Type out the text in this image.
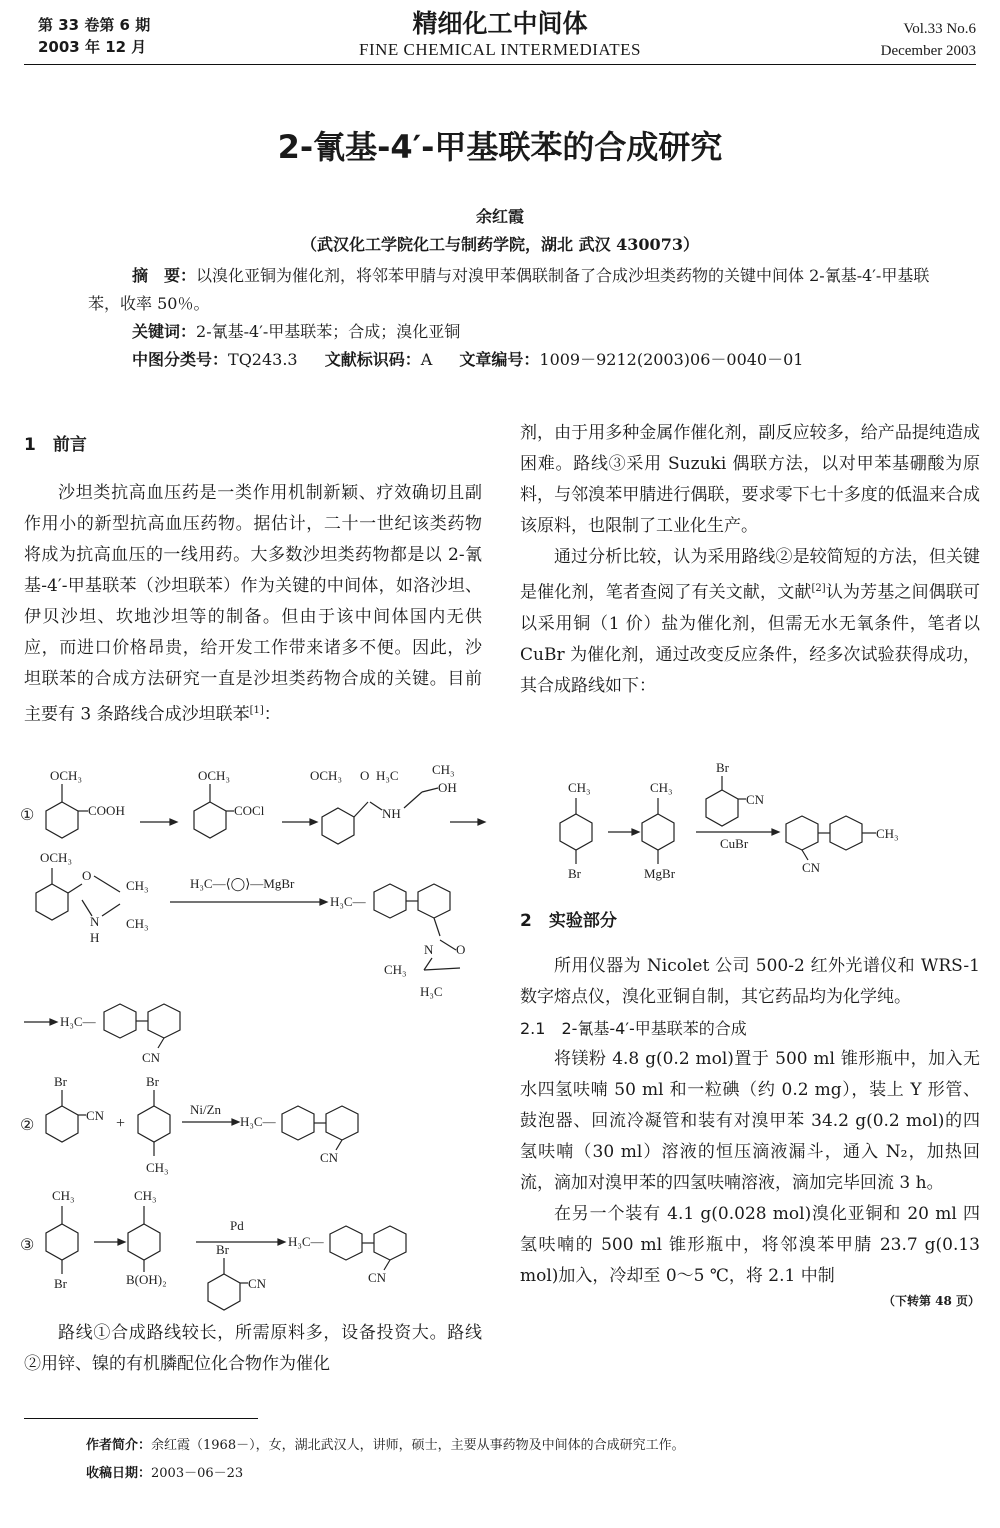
第 33 卷第 6 期
2003 年 12 月
精细化工中间体
FINE CHEMICAL INTERMEDIATES
Vol.33 No.6
December 2003
2-氰基-4′-甲基联苯的合成研究
余红霞
（武汉化工学院化工与制药学院，湖北 武汉 430073）
摘　要：以溴化亚铜为催化剂，将邻苯甲腈与对溴甲苯偶联制备了合成沙坦类药物的关键中间体 2-氰基-4′-甲基联苯，收率 50％。
关键词：2-氰基-4′-甲基联苯；合成；溴化亚铜
中图分类号：TQ243.3 文献标识码：A 文章编号：1009－9212(2003)06－0040－01
1　前言

沙坦类抗高血压药是一类作用机制新颖、疗效确切且副作用小的新型抗高血压药物。据估计，二十一世纪该类药物将成为抗高血压的一线用药。大多数沙坦类药物都是以 2-氰基-4′-甲基联苯（沙坦联苯）作为关键的中间体，如洛沙坦、伊贝沙坦、坎地沙坦等的制备。但由于该中间体国内无供应，而进口价格昂贵，给开发工作带来诸多不便。因此，沙坦联苯的合成方法研究一直是沙坦类药物合成的关键。目前主要有 3 条路线合成沙坦联苯[1]：

①
OCH₃
COOH
OCH₃
COCl
OCH₃ O H₃C	CH₃
OH
NH
OCH₃
O
CH₃
CH₃
N
H
H₃C—⟨◯⟩—MgBr
H₃C—
N O
CH₃
H₃C
H₃C—
CN
②
Br
CN +
Br
CH₃
Ni/Zn
H₃C—
CN
③
CH₃
Br
CH₃
B(OH)₂
Pd
Br
CN
H₃C—
CN

路线①合成路线较长，所需原料多，设备投资大。路线②用锌、镍的有机膦配位化合物作为催化

剂，由于用多种金属作催化剂，副反应较多，给产品提纯造成困难。路线③采用 Suzuki 偶联方法，以对甲苯基硼酸为原料，与邻溴苯甲腈进行偶联，要求零下七十多度的低温来合成该原料，也限制了工业化生产。

通过分析比较，认为采用路线②是较简短的方法，但关键是催化剂，笔者查阅了有关文献，文献[2]认为芳基之间偶联可以采用铜（1 价）盐为催化剂，但需无水无氧条件，笔者以 CuBr 为催化剂，通过改变反应条件，经多次试验获得成功，其合成路线如下：

CH₃
Br
CH₃
MgBr
Br
CN
CuBr
CH₃
CN
2　实验部分

所用仪器为 Nicolet 公司 500-2 红外光谱仪和 WRS-1 数字熔点仪，溴化亚铜自制，其它药品均为化学纯。

2.1　2-氰基-4′-甲基联苯的合成

将镁粉 4.8 g(0.2 mol)置于 500 ml 锥形瓶中，加入无水四氢呋喃 50 ml 和一粒碘（约 0.2 mg），装上 Y 形管、鼓泡器、回流冷凝管和装有对溴甲苯 34.2 g(0.2 mol)的四氢呋喃（30 ml）溶液的恒压滴液漏斗，通入 N₂，加热回流，滴加对溴甲苯的四氢呋喃溶液，滴加完毕回流 3 h。

在另一个装有 4.1 g(0.028 mol)溴化亚铜和 20 ml 四氢呋喃的 500 ml 锥形瓶中，将邻溴苯甲腈 23.7 g(0.13 mol)加入，冷却至 0～5 ℃，将 2.1 中制

（下转第 48 页）
作者简介：余红霞（1968－），女，湖北武汉人，讲师，硕士，主要从事药物及中间体的合成研究工作。
收稿日期：2003－06－23
